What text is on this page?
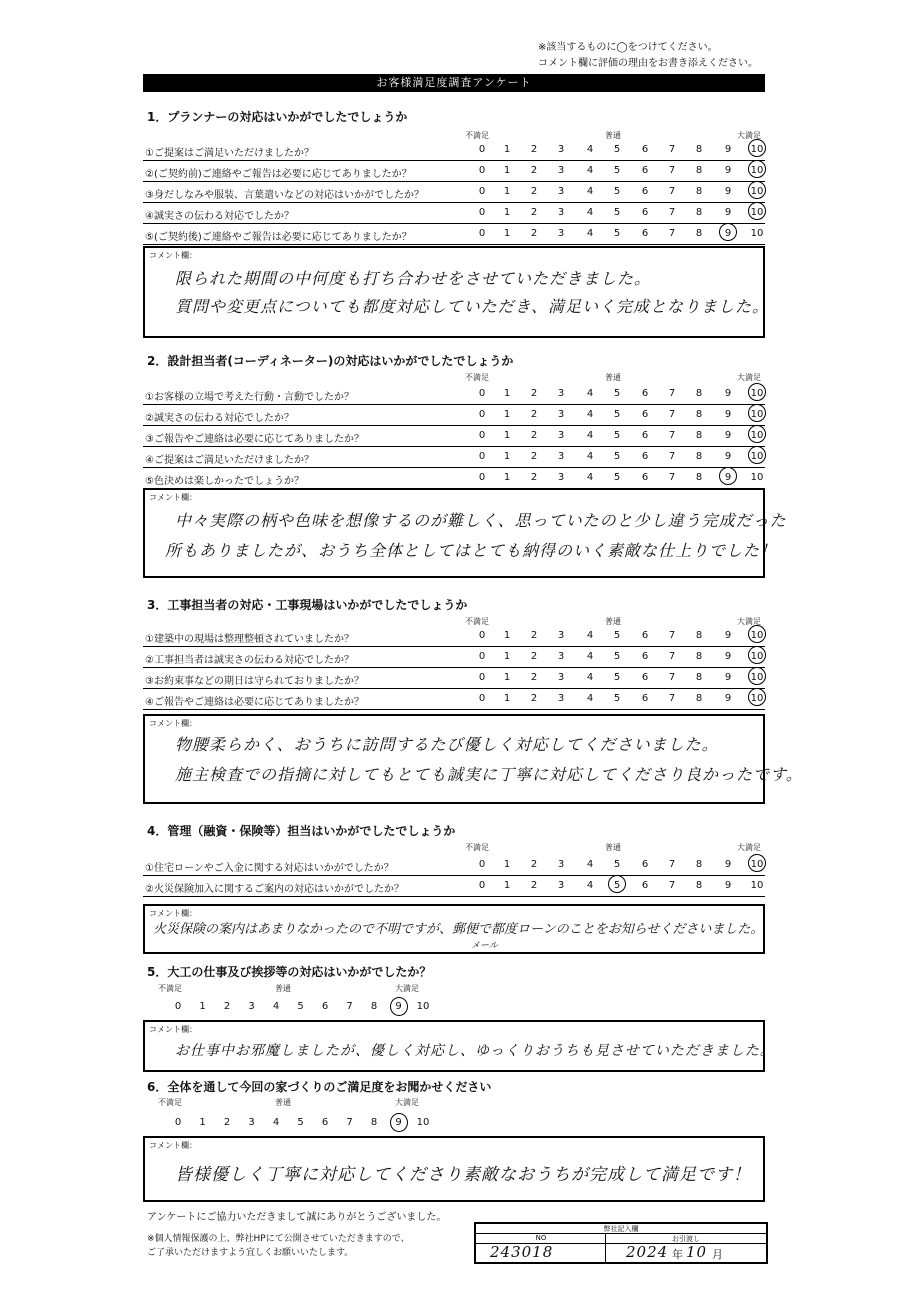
※該当するものに◯をつけてください。
コメント欄に評価の理由をお書き添えください。
お客様満足度調査アンケート
1．プランナーの対応はいかがでしたでしょうか
不満足	普通	大満足
①ご提案はご満足いただけましたか？	0	1	2	3	4	5	6	7	8	9	10
②(ご契約前)ご連絡やご報告は必要に応じてありましたか？	0	1	2	3	4	5	6	7	8	9	10
③身だしなみや服装、言葉遣いなどの対応はいかがでしたか？	0	1	2	3	4	5	6	7	8	9	10
④誠実さの伝わる対応でしたか？	0	1	2	3	4	5	6	7	8	9	10
⑤(ご契約後)ご連絡やご報告は必要に応じてありましたか？	0	1	2	3	4	5	6	7	8	9	10
コメント欄：
限られた期間の中何度も打ち合わせをさせていただきました。
質問や変更点についても都度対応していただき、満足いく完成となりました。
2．設計担当者(コーディネーター)の対応はいかがでしたでしょうか
不満足	普通	大満足
①お客様の立場で考えた行動・言動でしたか？	0	1	2	3	4	5	6	7	8	9	10
②誠実さの伝わる対応でしたか？	0	1	2	3	4	5	6	7	8	9	10
③ご報告やご連絡は必要に応じてありましたか？	0	1	2	3	4	5	6	7	8	9	10
④ご提案はご満足いただけましたか？	0	1	2	3	4	5	6	7	8	9	10
⑤色決めは楽しかったでしょうか？	0	1	2	3	4	5	6	7	8	9	10
コメント欄：
中々実際の柄や色味を想像するのが難しく、思っていたのと少し違う完成だった
所もありましたが、おうち全体としてはとても納得のいく素敵な仕上りでした！
3．工事担当者の対応・工事現場はいかがでしたでしょうか
不満足	普通	大満足
①建築中の現場は整理整頓されていましたか？	0	1	2	3	4	5	6	7	8	9	10
②工事担当者は誠実さの伝わる対応でしたか？	0	1	2	3	4	5	6	7	8	9	10
③お約束事などの期日は守られておりましたか？	0	1	2	3	4	5	6	7	8	9	10
④ご報告やご連絡は必要に応じてありましたか？	0	1	2	3	4	5	6	7	8	9	10
コメント欄：
物腰柔らかく、おうちに訪問するたび優しく対応してくださいました。
施主検査での指摘に対してもとても誠実に丁寧に対応してくださり良かったです。
4．管理（融資・保険等）担当はいかがでしたでしょうか
不満足	普通	大満足
①住宅ローンやご入金に関する対応はいかがでしたか？	0	1	2	3	4	5	6	7	8	9	10
②火災保険加入に関するご案内の対応はいかがでしたか？	0	1	2	3	4	5	6	7	8	9	10
コメント欄：
火災保険の案内はあまりなかったので不明ですが、郵便で都度ローンのことをお知らせくださいました。
メール
5．大工の仕事及び挨拶等の対応はいかがでしたか？
不満足	普通	大満足
0	1	2	3	4	5	6	7	8	9	10
コメント欄：
お仕事中お邪魔しましたが、優しく対応し、ゆっくりおうちも見させていただきました。
6．全体を通して今回の家づくりのご満足度をお聞かせください
不満足	普通	大満足
0	1	2	3	4	5	6	7	8	9	10
コメント欄：
皆様優しく丁寧に対応してくださり素敵なおうちが完成して満足です！
アンケートにご協力いただきまして誠にありがとうございました。
※個人情報保護の上、弊社HPにて公開させていただきますので、
ご了承いただけますよう宜しくお願いいたします。
弊社記入欄
NO	お引渡し
243018	2024 年 10 月
